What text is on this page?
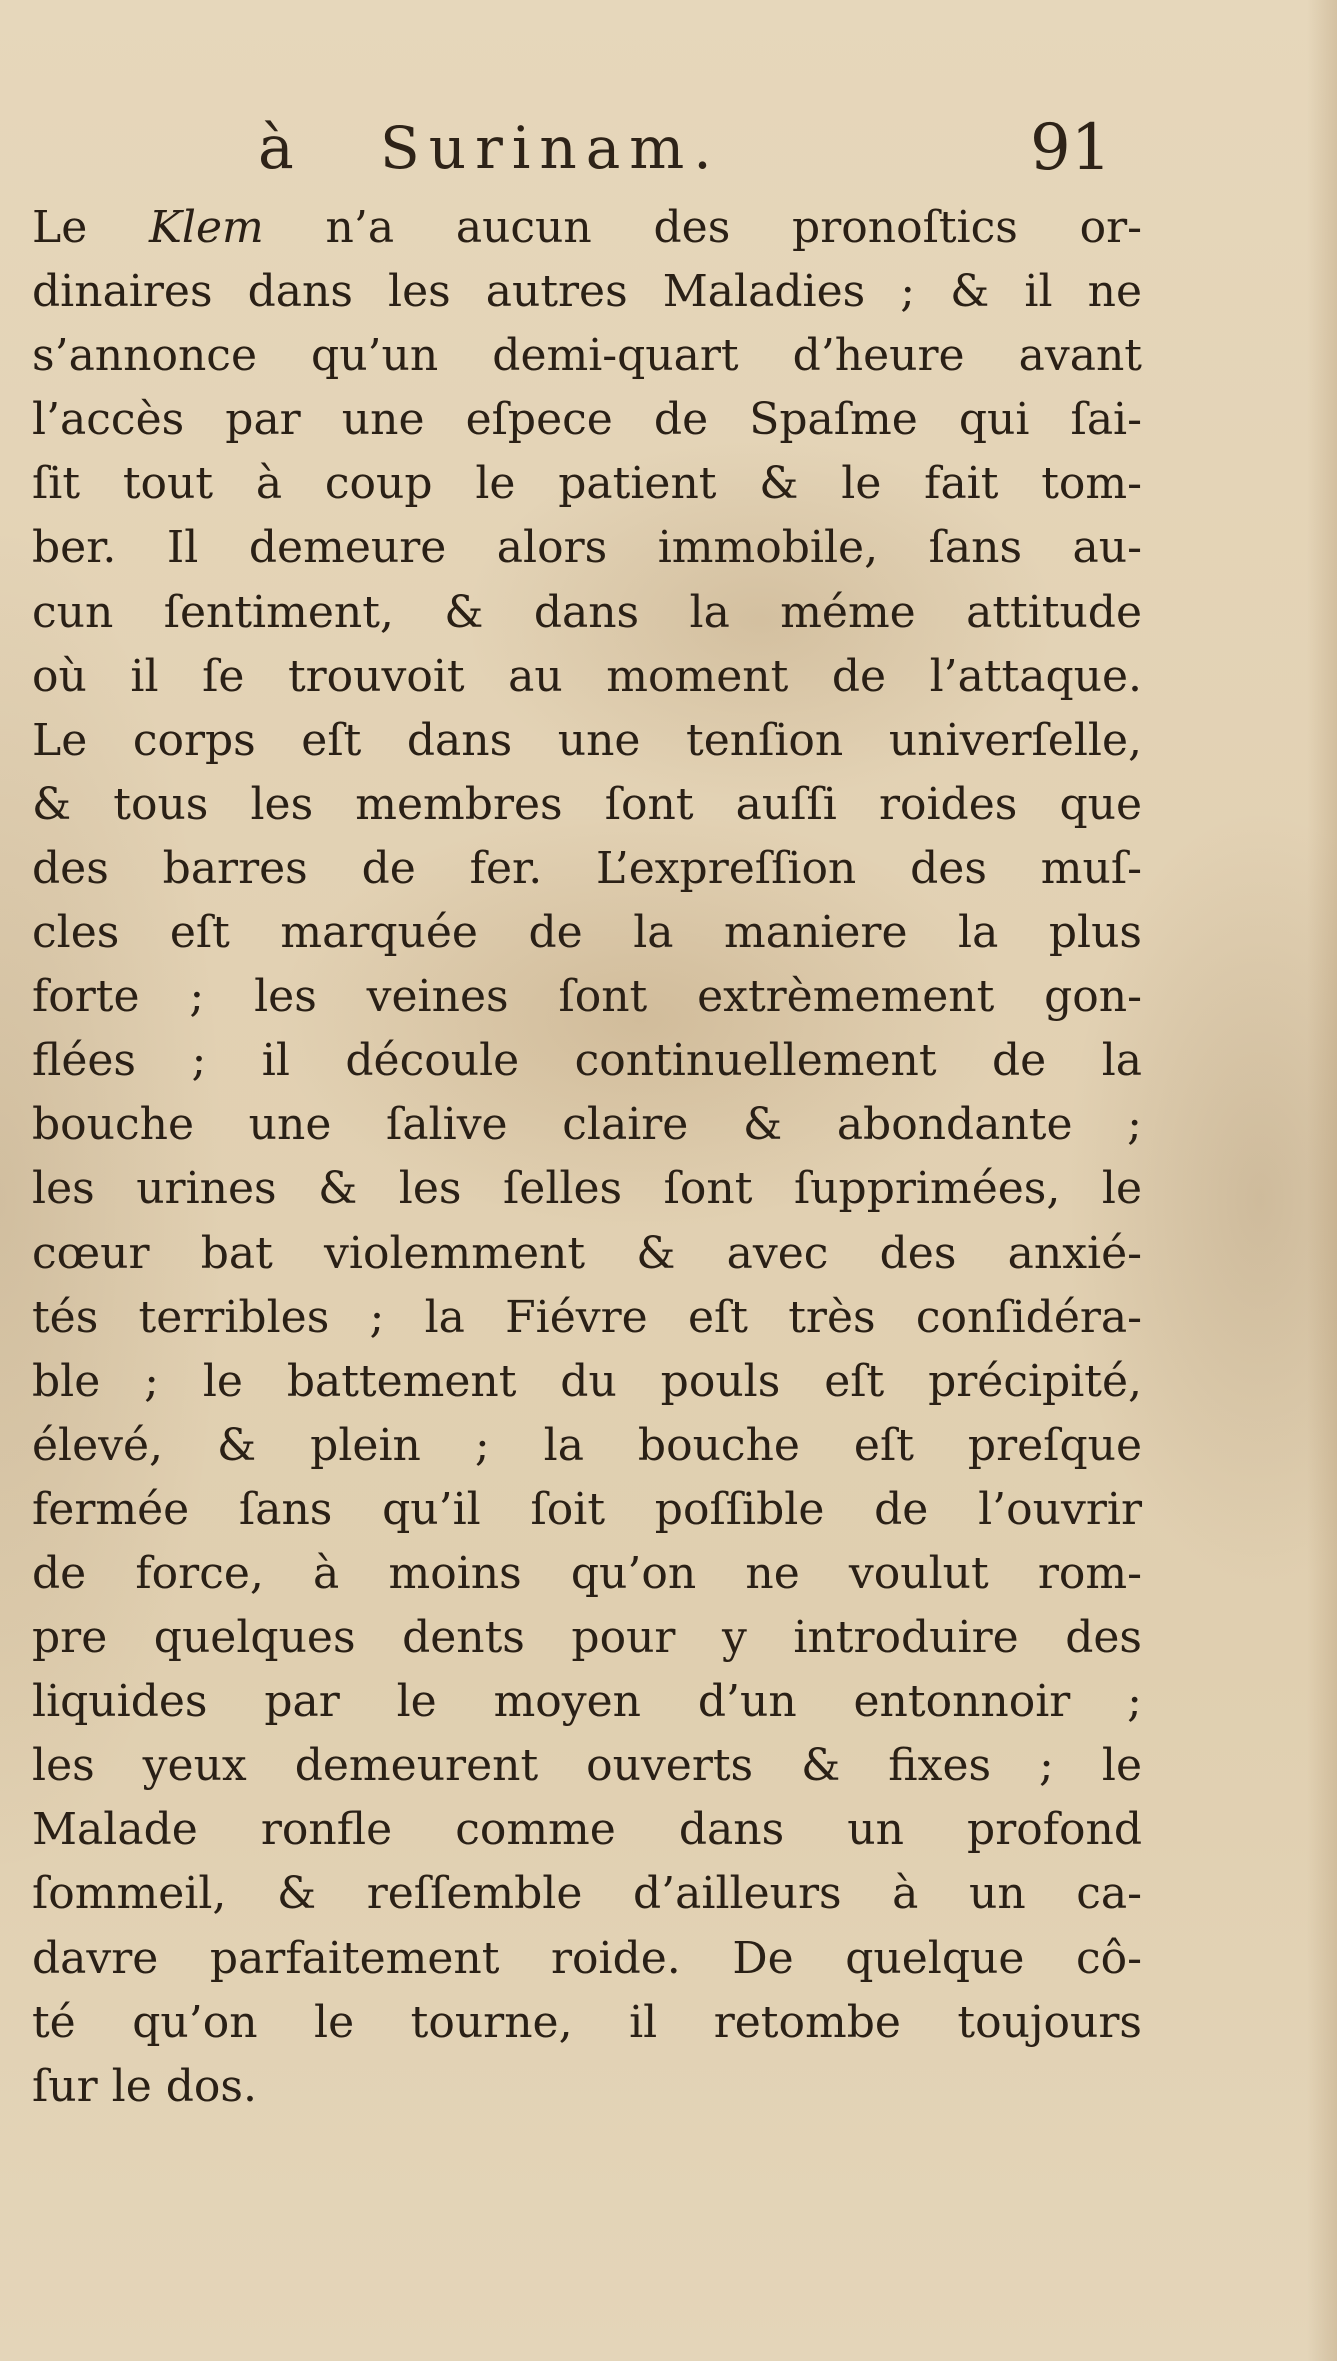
à Surinam.	91
Le Klem n’a aucun des pronoſtics or-
dinaires dans les autres Maladies ; & il ne
s’annonce qu’un demi-quart d’heure avant
l’accès par une eſpece de Spaſme qui ſai-
ſit tout à coup le patient & le fait tom-
ber. Il demeure alors immobile, ſans au-
cun ſentiment, & dans la méme attitude
où il ſe trouvoit au moment de l’attaque.
Le corps eſt dans une tenſion univerſelle,
& tous les membres ſont auſſi roides que
des barres de fer. L’expreſſion des muſ-
cles eſt marquée de la maniere la plus
forte ; les veines ſont extrèmement gon-
flées ; il découle continuellement de la
bouche une ſalive claire & abondante ;
les urines & les ſelles ſont ſupprimées, le
cœur bat violemment & avec des anxié-
tés terribles ; la Fiévre eſt très conſidéra-
ble ; le battement du pouls eſt précipité,
élevé, & plein ; la bouche eſt preſque
fermée ſans qu’il ſoit poſſible de l’ouvrir
de force, à moins qu’on ne voulut rom-
pre quelques dents pour y introduire des
liquides par le moyen d’un entonnoir ;
les yeux demeurent ouverts & fixes ; le
Malade ronfle comme dans un profond
ſommeil, & reſſemble d’ailleurs à un ca-
davre parfaitement roide. De quelque cô-
té qu’on le tourne, il retombe toujours
ſur le dos.
